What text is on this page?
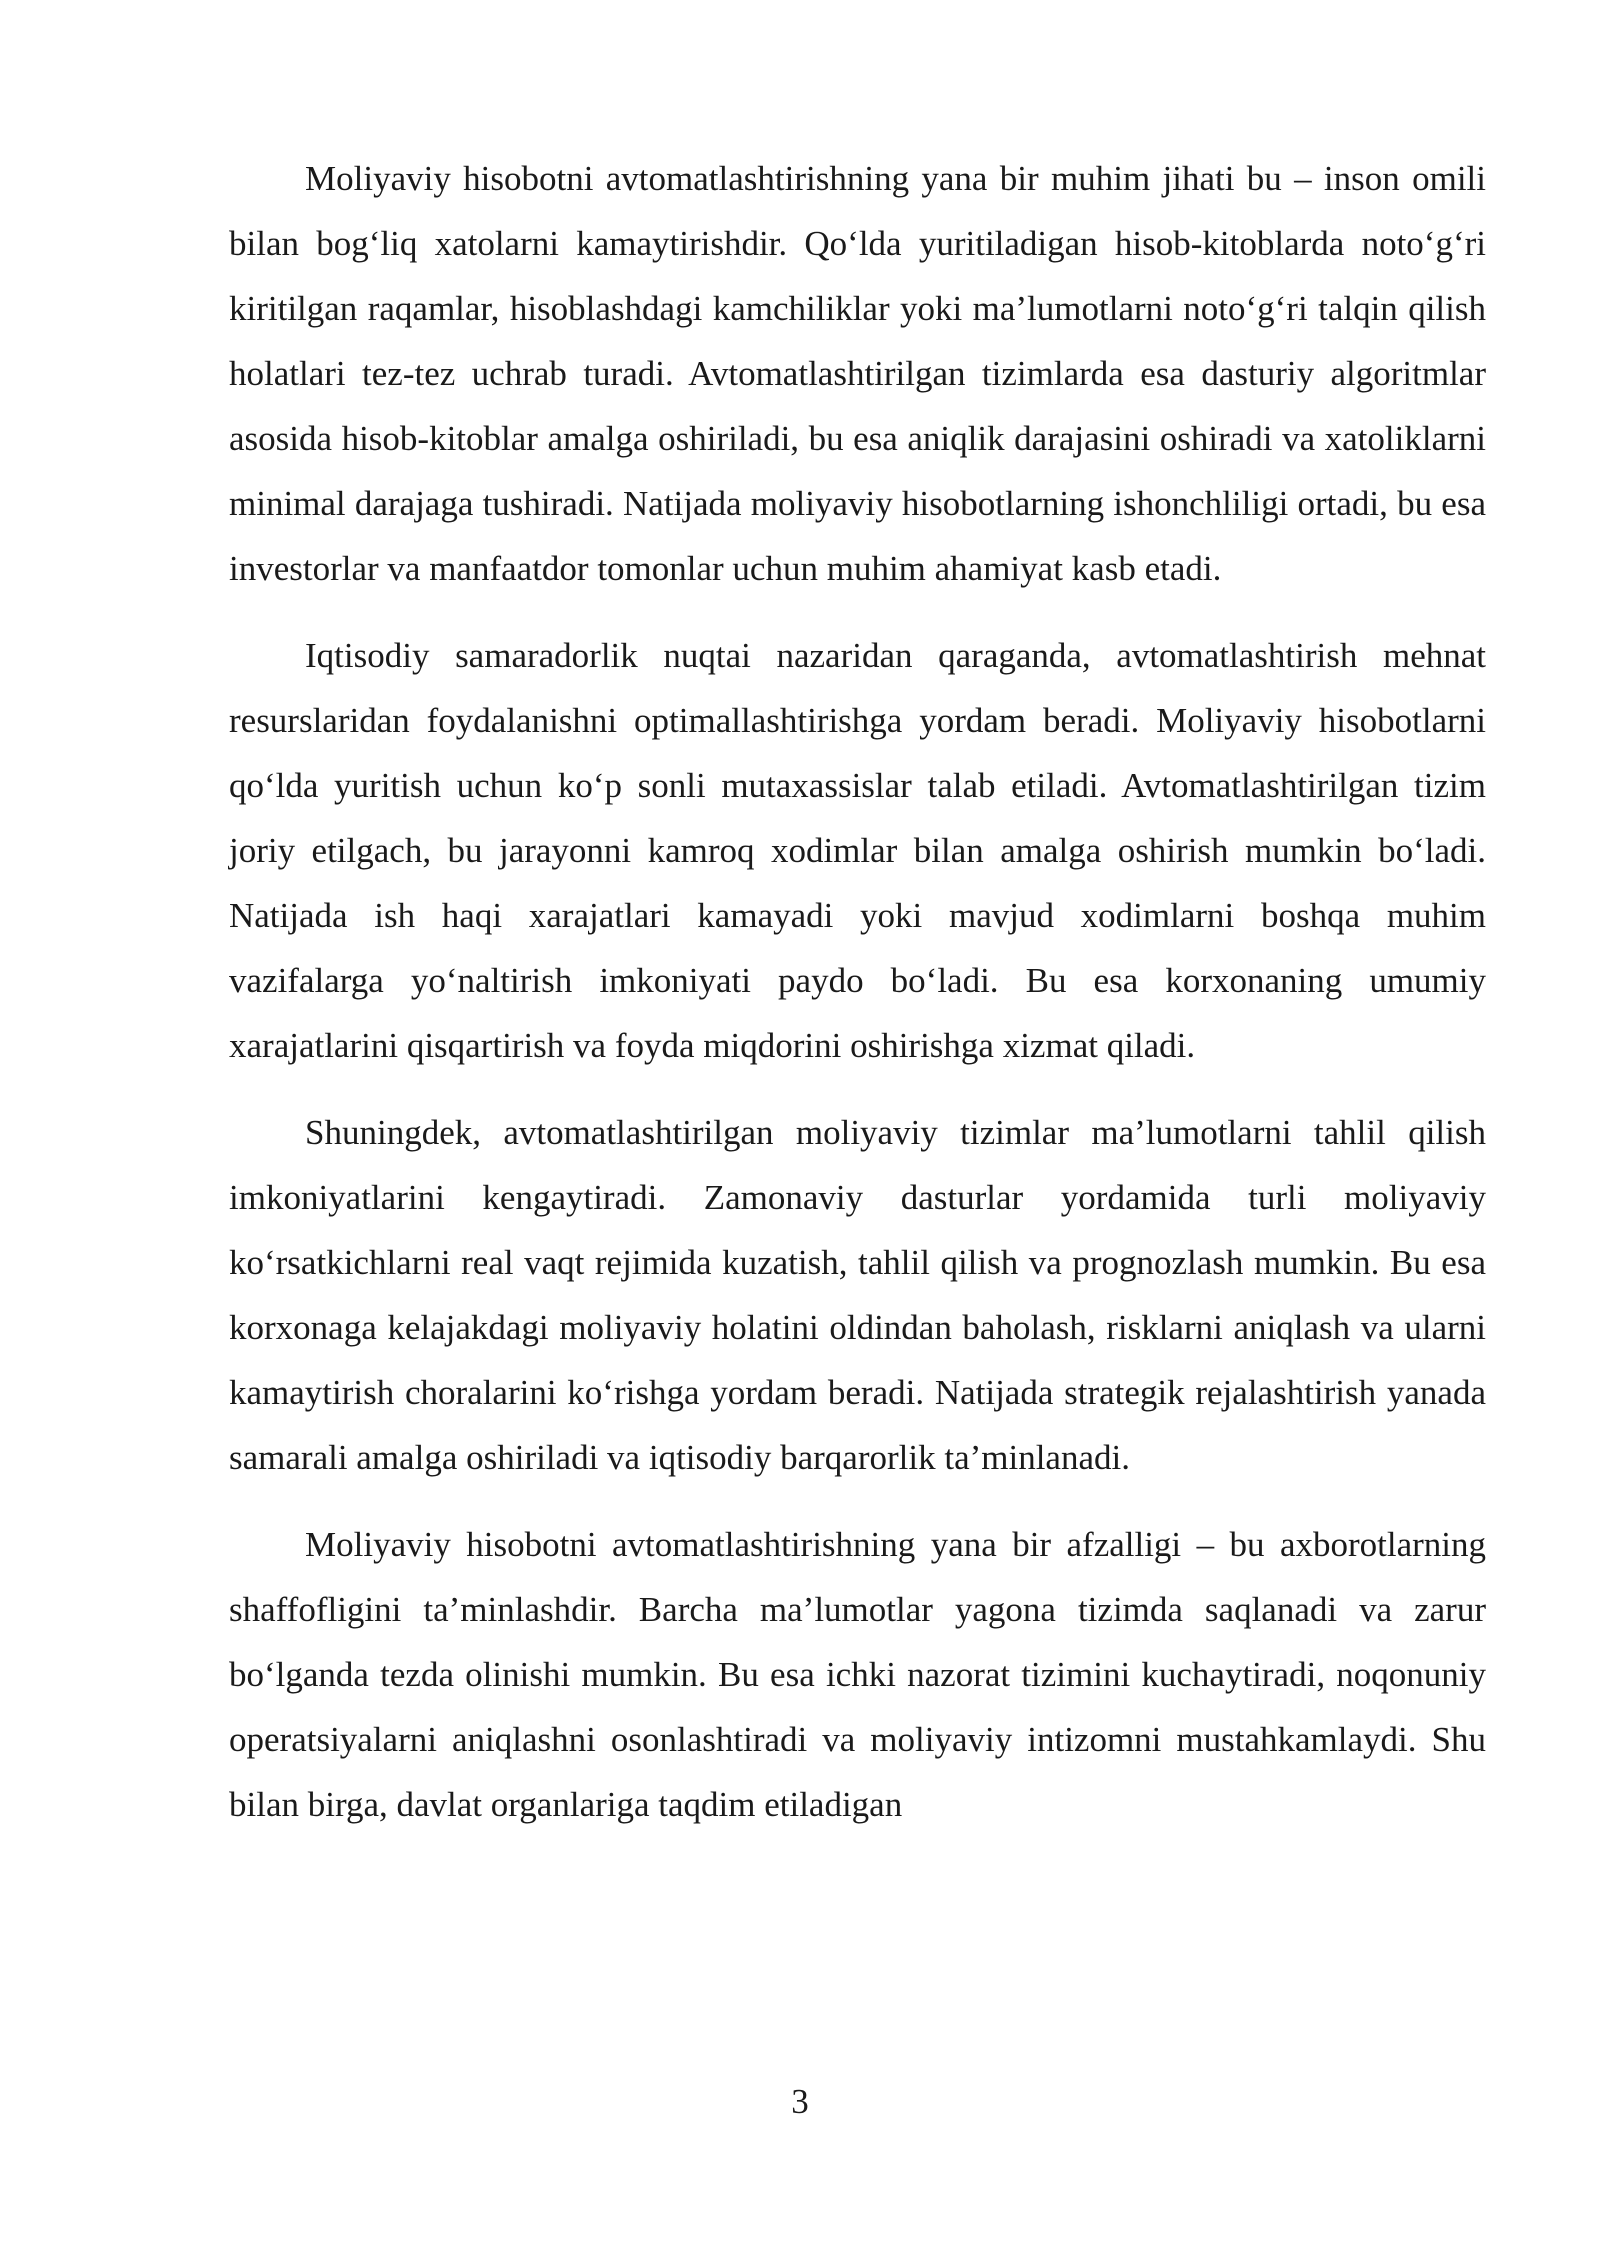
Moliyaviy hisobotni avtomatlashtirishning yana bir muhim jihati bu – inson omili bilan bog‘liq xatolarni kamaytirishdir. Qo‘lda yuritiladigan hisob-kitoblarda noto‘g‘ri kiritilgan raqamlar, hisoblashdagi kamchiliklar yoki ma’lumotlarni noto‘g‘ri talqin qilish holatlari tez-tez uchrab turadi. Avtomatlashtirilgan tizimlarda esa dasturiy algoritmlar asosida hisob-kitoblar amalga oshiriladi, bu esa aniqlik darajasini oshiradi va xatoliklarni minimal darajaga tushiradi. Natijada moliyaviy hisobotlarning ishonchliligi ortadi, bu esa investorlar va manfaatdor tomonlar uchun muhim ahamiyat kasb etadi.

Iqtisodiy samaradorlik nuqtai nazaridan qaraganda, avtomatlashtirish mehnat resurslaridan foydalanishni optimallashtirishga yordam beradi. Moliyaviy hisobotlarni qo‘lda yuritish uchun ko‘p sonli mutaxassislar talab etiladi. Avtomatlashtirilgan tizim joriy etilgach, bu jarayonni kamroq xodimlar bilan amalga oshirish mumkin bo‘ladi. Natijada ish haqi xarajatlari kamayadi yoki mavjud xodimlarni boshqa muhim vazifalarga yo‘naltirish imkoniyati paydo bo‘ladi. Bu esa korxonaning umumiy xarajatlarini qisqartirish va foyda miqdorini oshirishga xizmat qiladi.

Shuningdek, avtomatlashtirilgan moliyaviy tizimlar ma’lumotlarni tahlil qilish imkoniyatlarini kengaytiradi. Zamonaviy dasturlar yordamida turli moliyaviy ko‘rsatkichlarni real vaqt rejimida kuzatish, tahlil qilish va prognozlash mumkin. Bu esa korxonaga kelajakdagi moliyaviy holatini oldindan baholash, risklarni aniqlash va ularni kamaytirish choralarini ko‘rishga yordam beradi. Natijada strategik rejalashtirish yanada samarali amalga oshiriladi va iqtisodiy barqarorlik ta’minlanadi.

Moliyaviy hisobotni avtomatlashtirishning yana bir afzalligi – bu axborotlarning shaffofligini ta’minlashdir. Barcha ma’lumotlar yagona tizimda saqlanadi va zarur bo‘lganda tezda olinishi mumkin. Bu esa ichki nazorat tizimini kuchaytiradi, noqonuniy operatsiyalarni aniqlashni osonlashtiradi va moliyaviy intizomni mustahkamlaydi. Shu bilan birga, davlat organlariga taqdim etiladigan

3
